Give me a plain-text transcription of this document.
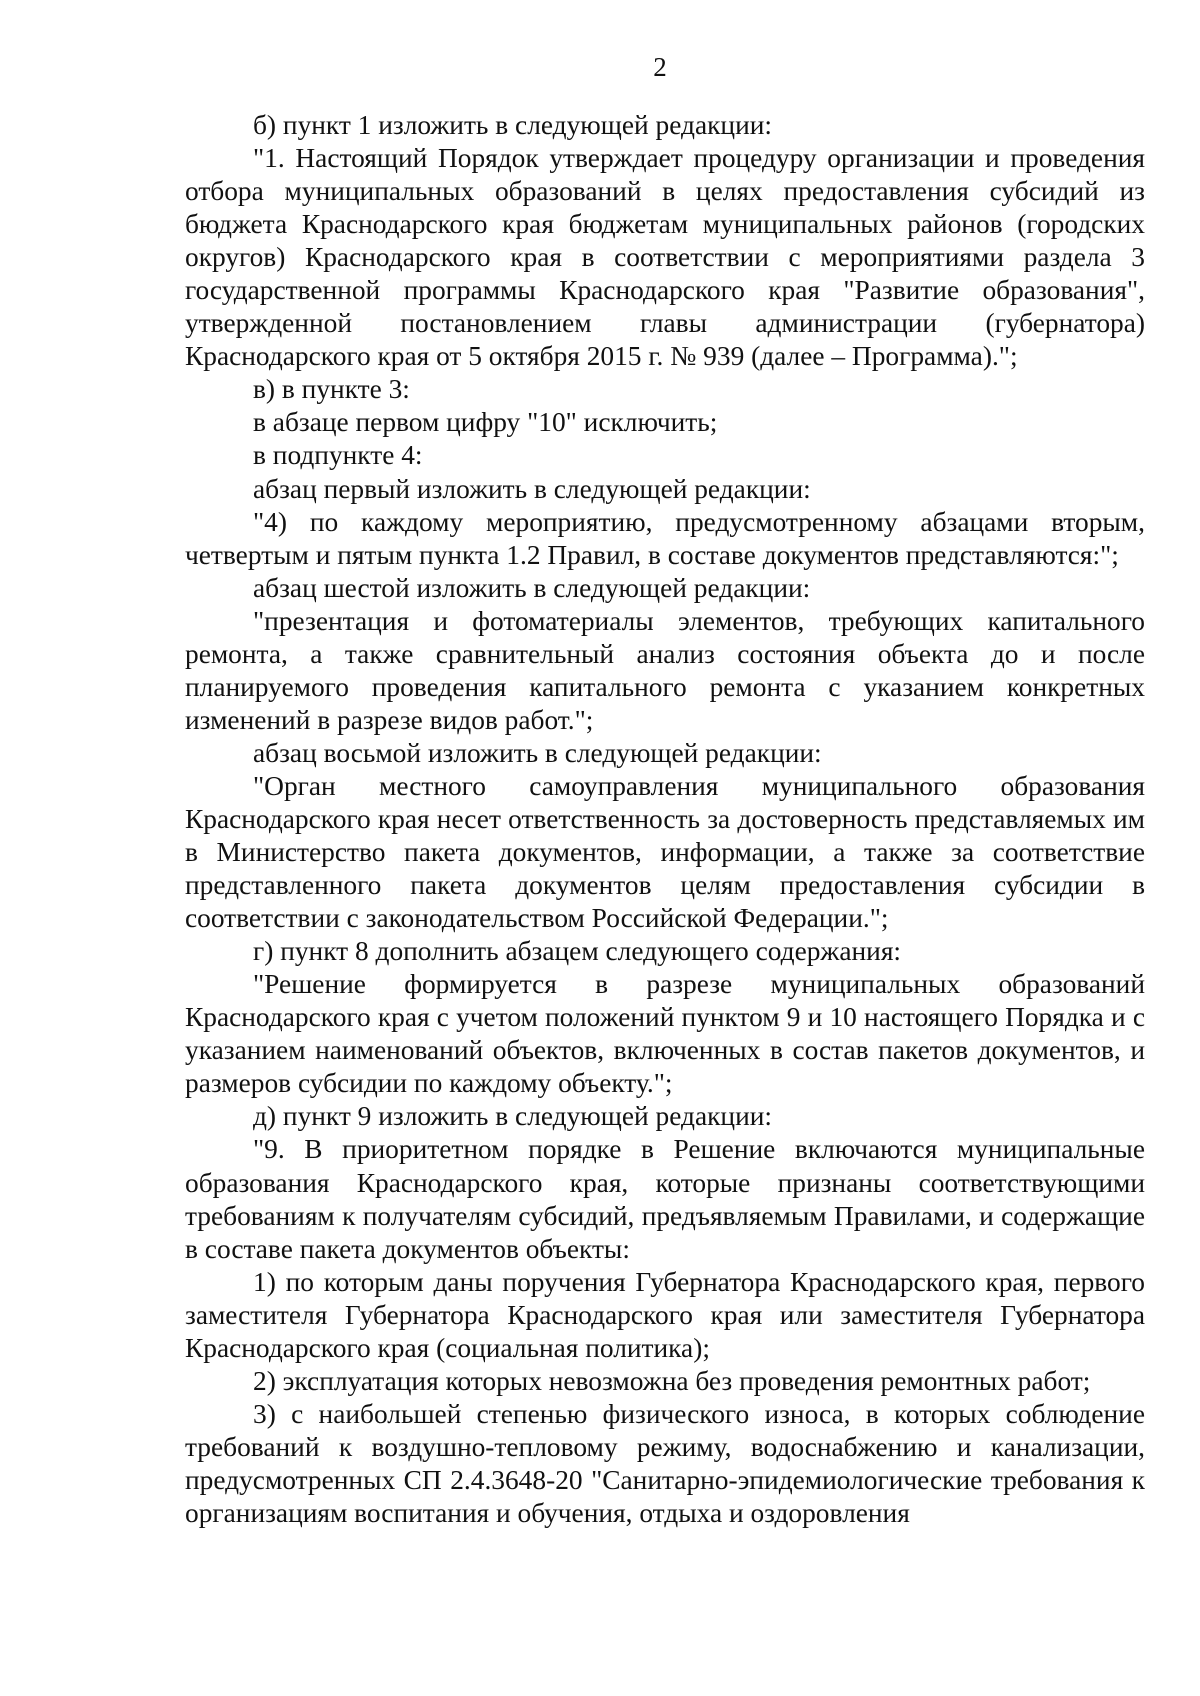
2

б) пункт 1 изложить в следующей редакции:

"1. Настоящий Порядок утверждает процедуру организации и проведения отбора муниципальных образований в целях предоставления субсидий из бюджета Краснодарского края бюджетам муниципальных районов (городских округов) Краснодарского края в соответствии с мероприятиями раздела 3 государственной программы Краснодарского края "Развитие образования", утвержденной постановлением главы администрации (губернатора) Краснодарского края от 5 октября 2015 г. № 939 (далее – Программа).";

в) в пункте 3:

в абзаце первом цифру "10" исключить;

в подпункте 4:

абзац первый изложить в следующей редакции:

"4) по каждому мероприятию, предусмотренному абзацами вторым, четвертым и пятым пункта 1.2 Правил, в составе документов представляются:";

абзац шестой изложить в следующей редакции:

"презентация и фотоматериалы элементов, требующих капитального ремонта, а также сравнительный анализ состояния объекта до и после планируемого проведения капитального ремонта с указанием конкретных изменений в разрезе видов работ.";

абзац восьмой изложить в следующей редакции:

"Орган местного самоуправления муниципального образования Краснодарского края несет ответственность за достоверность представляемых им в Министерство пакета документов, информации, а также за соответствие представленного пакета документов целям предоставления субсидии в соответствии с законодательством Российской Федерации.";

г) пункт 8 дополнить абзацем следующего содержания:

"Решение формируется в разрезе муниципальных образований Краснодарского края с учетом положений пунктом 9 и 10 настоящего Порядка и с указанием наименований объектов, включенных в состав пакетов документов, и размеров субсидии по каждому объекту.";

д) пункт 9 изложить в следующей редакции:

"9. В приоритетном порядке в Решение включаются муниципальные образования Краснодарского края, которые признаны соответствующими требованиям к получателям субсидий, предъявляемым Правилами, и содержащие в составе пакета документов объекты:

1) по которым даны поручения Губернатора Краснодарского края, первого заместителя Губернатора Краснодарского края или заместителя Губернатора Краснодарского края (социальная политика);

2) эксплуатация которых невозможна без проведения ремонтных работ;

3) с наибольшей степенью физического износа, в которых соблюдение требований к воздушно-тепловому режиму, водоснабжению и канализации, предусмотренных СП 2.4.3648-20 "Санитарно-эпидемиологические требования к организациям воспитания и обучения, отдыха и оздоровления
